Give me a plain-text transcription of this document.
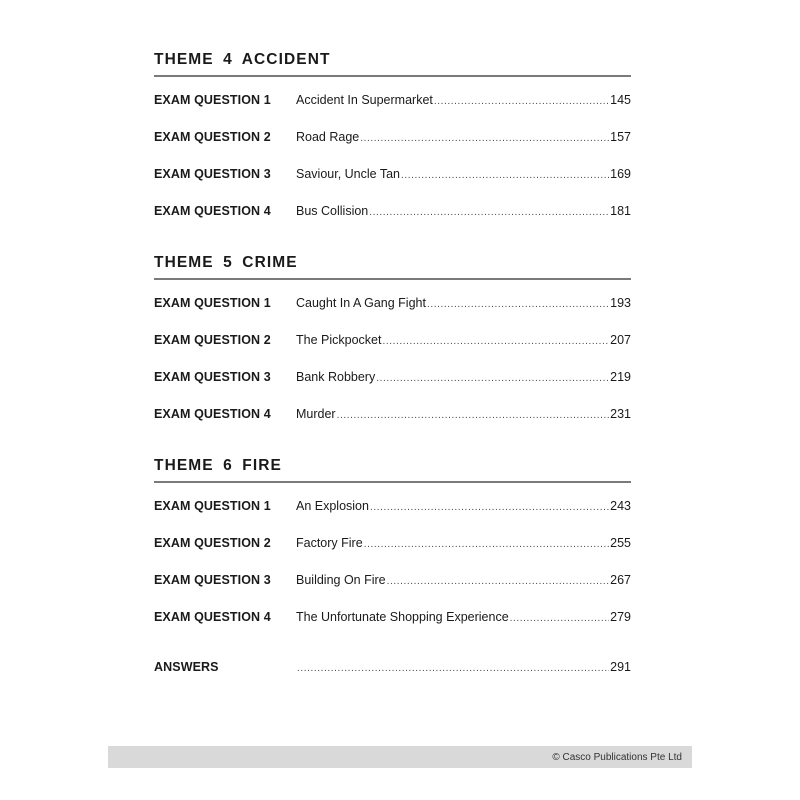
THEME 4 ACCIDENT
EXAM QUESTION 1	Accident In Supermarket .....	145
EXAM QUESTION 2	Road Rage .....	157
EXAM QUESTION 3	Saviour, Uncle Tan .....	169
EXAM QUESTION 4	Bus Collision .....	181
THEME 5 CRIME
EXAM QUESTION 1	Caught In A Gang Fight .....	193
EXAM QUESTION 2	The Pickpocket .....	207
EXAM QUESTION 3	Bank Robbery .....	219
EXAM QUESTION 4	Murder .....	231
THEME 6 FIRE
EXAM QUESTION 1	An Explosion .....	243
EXAM QUESTION 2	Factory Fire .....	255
EXAM QUESTION 3	Building On Fire .....	267
EXAM QUESTION 4	The Unfortunate Shopping Experience .....	279
ANSWERS .....	291
© Casco Publications Pte Ltd
